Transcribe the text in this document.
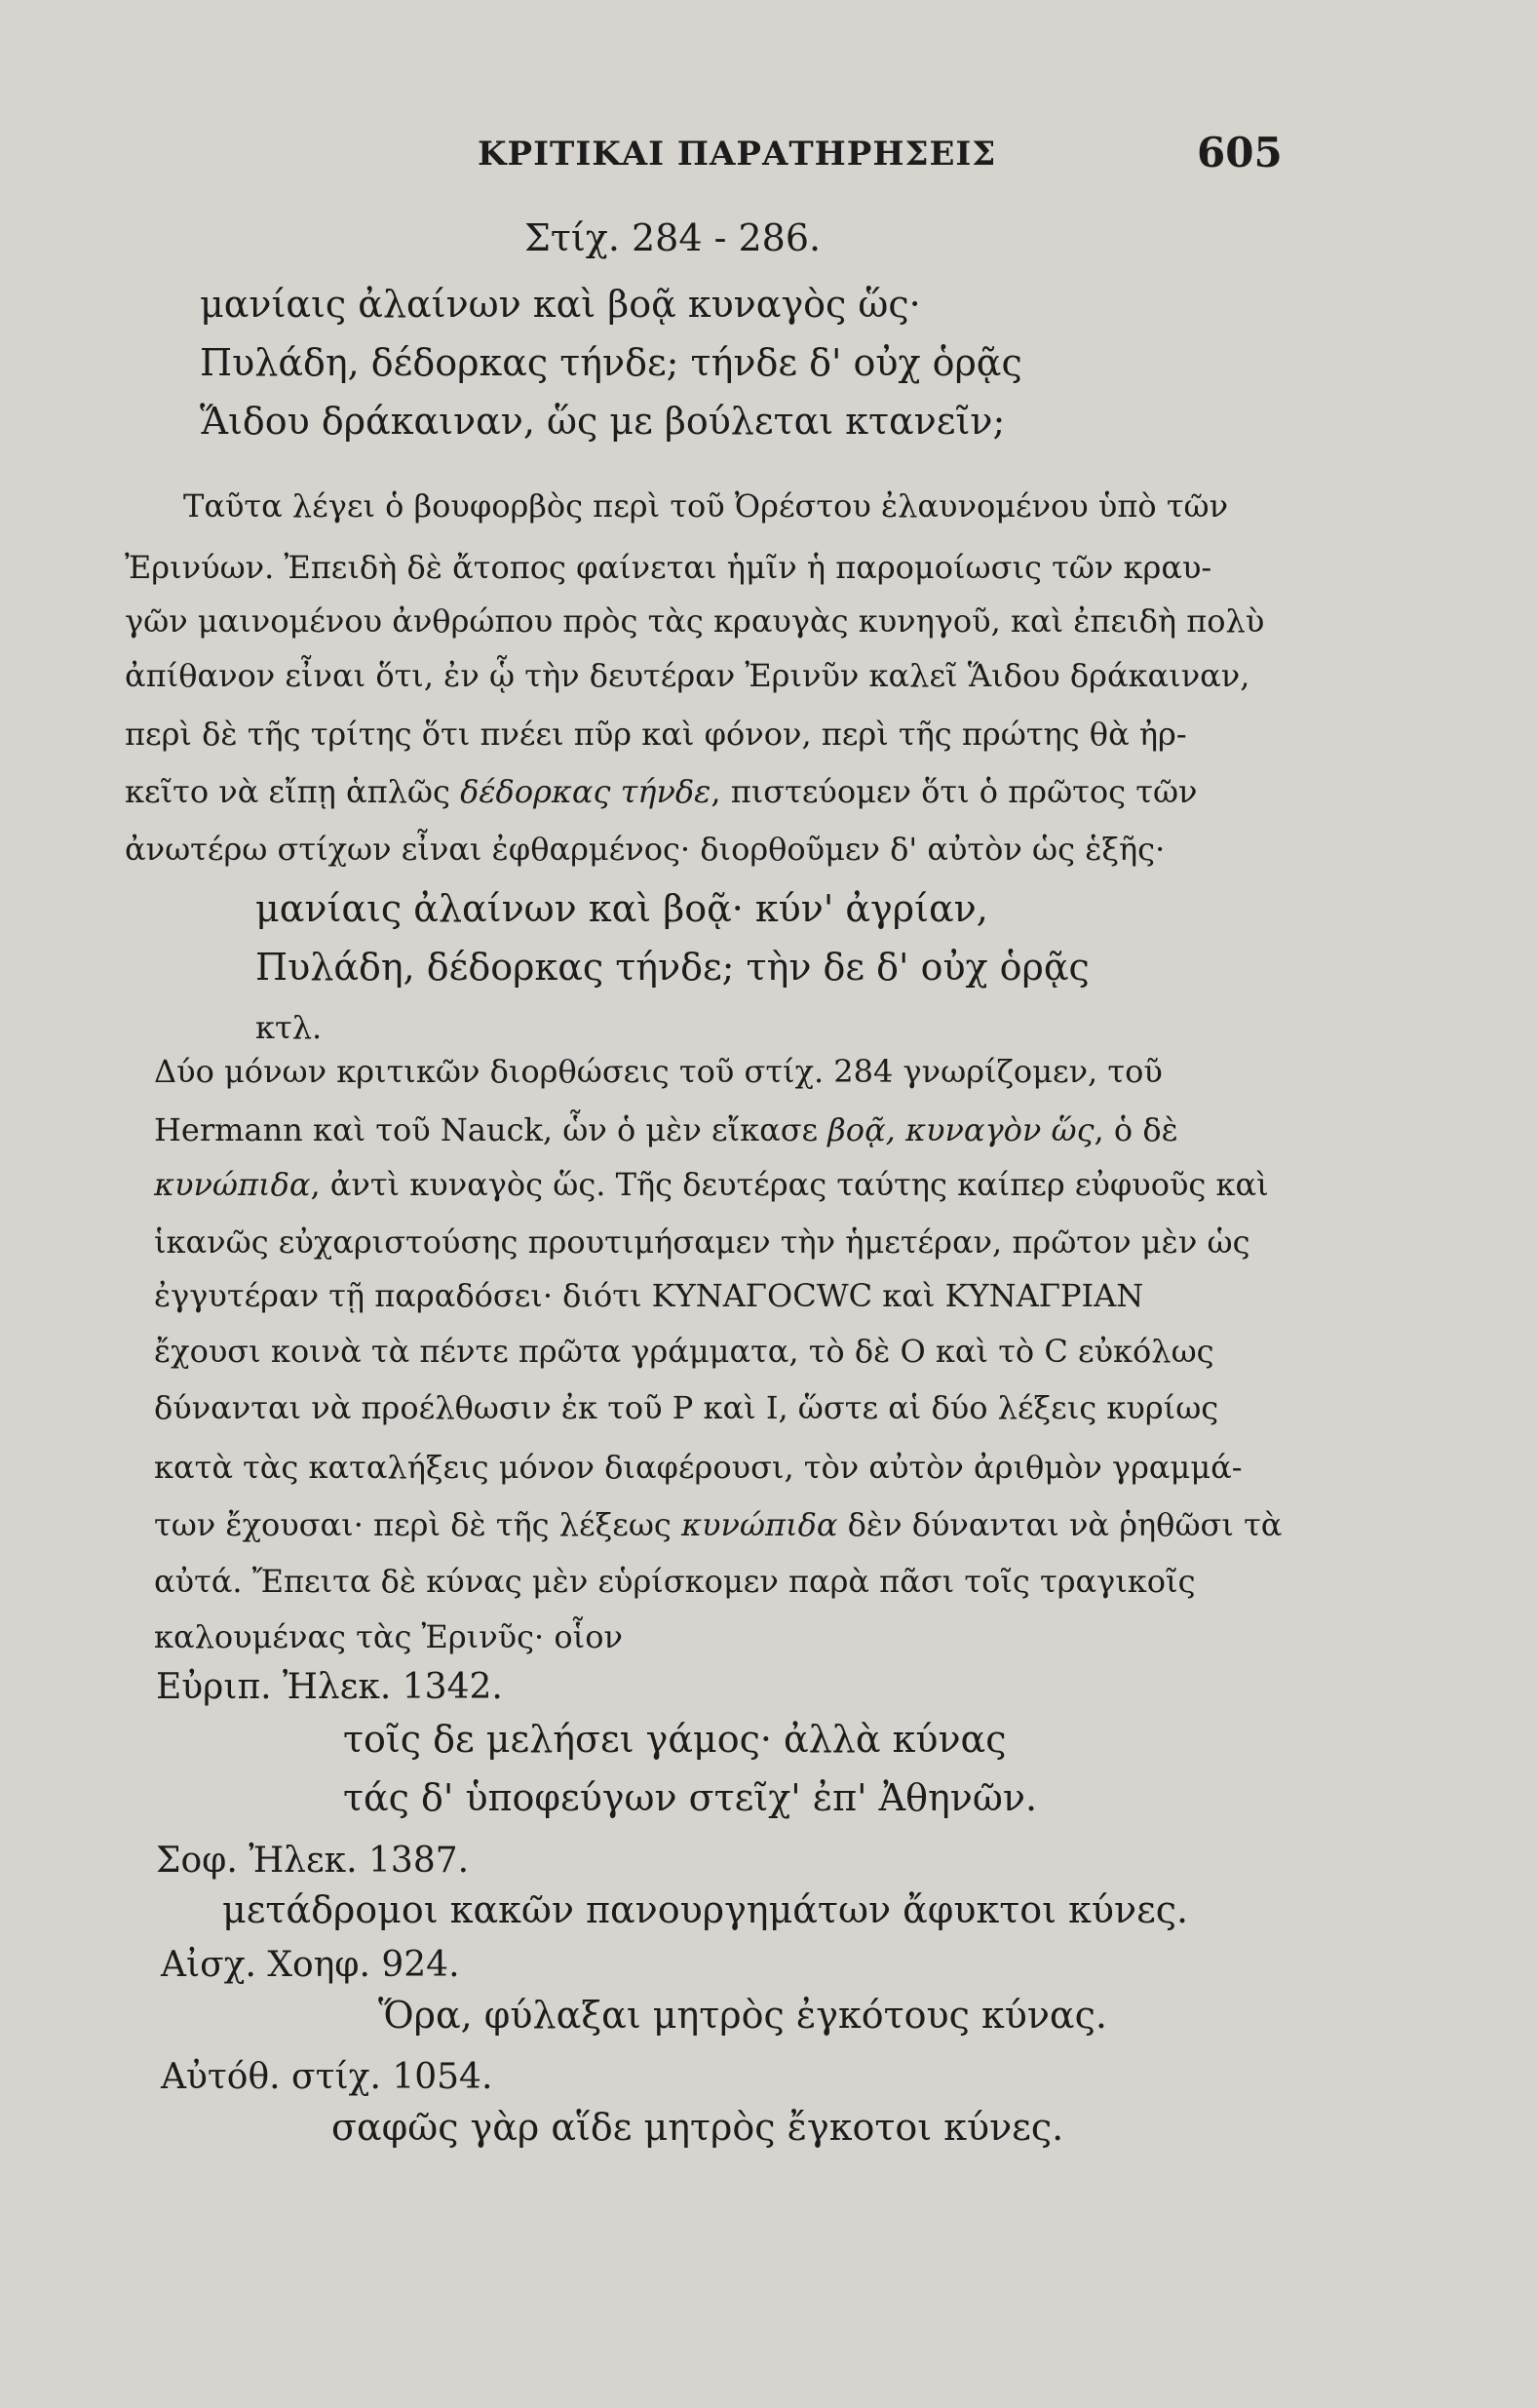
ΚΡΙΤΙΚΑΙ ΠΑΡΑΤΗΡΗΣΕΙΣ	605
Στίχ. 284 - 286.
μανίαις ἀλαίνων καὶ βοᾷ κυναγὸς ὥς·
Πυλάδη, δέδορκας τήνδε; τήνδε δ' οὐχ ὁρᾷς
Ἅιδου δράκαιναν, ὥς με βούλεται κτανεῖν;
Ταῦτα λέγει ὁ βουφορβὸς περὶ τοῦ Ὀρέστου ἐλαυνομένου ὑπὸ τῶν
Ἐρινύων. Ἐπειδὴ δὲ ἄτοπος φαίνεται ἡμῖν ἡ παρομοίωσις τῶν κραυ-
γῶν μαινομένου ἀνθρώπου πρὸς τὰς κραυγὰς κυνηγοῦ, καὶ ἐπειδὴ πολὺ
ἀπίθανον εἶναι ὅτι, ἐν ᾧ τὴν δευτέραν Ἐρινῦν καλεῖ Ἅιδου δράκαιναν,
περὶ δὲ τῆς τρίτης ὅτι πνέει πῦρ καὶ φόνον, περὶ τῆς πρώτης θὰ ἠρ-
κεῖτο νὰ εἴπῃ ἁπλῶς δέδορκας τήνδε, πιστεύομεν ὅτι ὁ πρῶτος τῶν
ἀνωτέρω στίχων εἶναι ἐφθαρμένος· διορθοῦμεν δ' αὐτὸν ὡς ἑξῆς·
μανίαις ἀλαίνων καὶ βοᾷ· κύν' ἀγρίαν,
Πυλάδη, δέδορκας τήνδε; τὴν δε δ' οὐχ ὁρᾷς
κτλ.
Δύο μόνων κριτικῶν διορθώσεις τοῦ στίχ. 284 γνωρίζομεν, τοῦ
Hermann καὶ τοῦ Nauck, ὧν ὁ μὲν εἴκασε βοᾷ, κυναγὸν ὥς, ὁ δὲ
κυνώπιδα, ἀντὶ κυναγὸς ὥς. Τῆς δευτέρας ταύτης καίπερ εὐφυοῦς καὶ
ἱκανῶς εὐχαριστούσης προυτιμήσαμεν τὴν ἡμετέραν, πρῶτον μὲν ὡς
ἐγγυτέραν τῇ παραδόσει· διότι ΚΥΝΑΓΟCWC καὶ ΚΥΝΑΓΡΙΑΝ
ἔχουσι κοινὰ τὰ πέντε πρῶτα γράμματα, τὸ δὲ Ο καὶ τὸ C εὐκόλως
δύνανται νὰ προέλθωσιν ἐκ τοῦ Ρ καὶ Ι, ὥστε αἱ δύο λέξεις κυρίως
κατὰ τὰς καταλήξεις μόνον διαφέρουσι, τὸν αὐτὸν ἀριθμὸν γραμμά-
των ἔχουσαι· περὶ δὲ τῆς λέξεως κυνώπιδα δὲν δύνανται νὰ ῥηθῶσι τὰ
αὐτά. Ἔπειτα δὲ κύνας μὲν εὑρίσκομεν παρὰ πᾶσι τοῖς τραγικοῖς
καλουμένας τὰς Ἐρινῦς· οἷον
Εὐριπ. Ἠλεκ. 1342.
τοῖς δε μελήσει γάμος· ἀλλὰ κύνας
τάς δ' ὑποφεύγων στεῖχ' ἐπ' Ἀθηνῶν.
Σοφ. Ἠλεκ. 1387.
μετάδρομοι κακῶν πανουργημάτων ἄφυκτοι κύνες.
Αἰσχ. Χοηφ. 924.
Ὅρα, φύλαξαι μητρὸς ἐγκότους κύνας.
Αὐτόθ. στίχ. 1054.
σαφῶς γὰρ αἵδε μητρὸς ἔγκοτοι κύνες.
